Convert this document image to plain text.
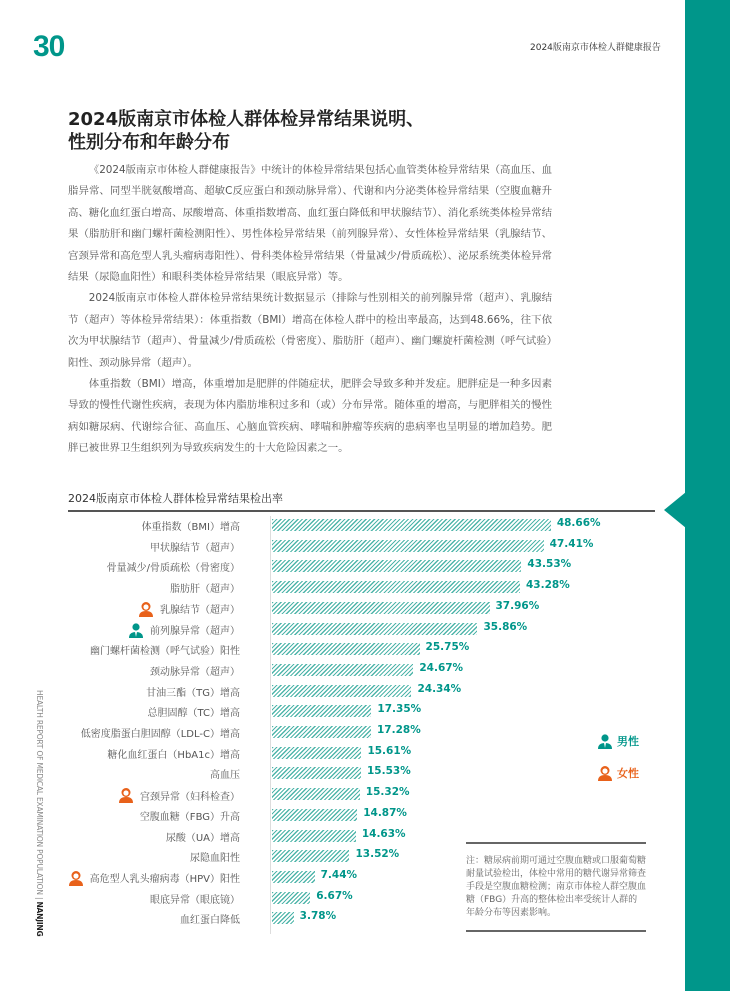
30	2024版南京市体检人群健康报告
2024版南京市体检人群体检异常结果说明、
性别分布和年龄分布

《2024版南京市体检人群健康报告》中统计的体检异常结果包括心血管类体检异常结果（高血压、血脂异常、同型半胱氨酸增高、超敏C反应蛋白和颈动脉异常）、代谢和内分泌类体检异常结果（空腹血糖升高、糖化血红蛋白增高、尿酸增高、体重指数增高、血红蛋白降低和甲状腺结节）、消化系统类体检异常结果（脂肪肝和幽门螺杆菌检测阳性）、男性体检异常结果（前列腺异常）、女性体检异常结果（乳腺结节、宫颈异常和高危型人乳头瘤病毒阳性）、骨科类体检异常结果（骨量减少/骨质疏松）、泌尿系统类体检异常结果（尿隐血阳性）和眼科类体检异常结果（眼底异常）等。

2024版南京市体检人群体检异常结果统计数据显示（排除与性别相关的前列腺异常（超声）、乳腺结节（超声）等体检异常结果）：体重指数（BMI）增高在体检人群中的检出率最高，达到48.66%，往下依次为甲状腺结节（超声）、骨量减少/骨质疏松（骨密度）、脂肪肝（超声）、幽门螺旋杆菌检测（呼气试验）阳性、颈动脉异常（超声）。

体重指数（BMI）增高，体重增加是肥胖的伴随症状，肥胖会导致多种并发症。肥胖症是一种多因素导致的慢性代谢性疾病，表现为体内脂肪堆积过多和（或）分布异常。随体重的增高，与肥胖相关的慢性病如糖尿病、代谢综合征、高血压、心脑血管疾病、哮喘和肿瘤等疾病的患病率也呈明显的增加趋势。肥胖已被世界卫生组织列为导致疾病发生的十大危险因素之一。

2024版南京市体检人群体检异常结果检出率
体重指数（BMI）增高	48.66%
甲状腺结节（超声）	47.41%
骨量减少/骨质疏松（骨密度）	43.53%
脂肪肝（超声）	43.28%
乳腺结节（超声）	37.96%
前列腺异常（超声）	35.86%
幽门螺杆菌检测（呼气试验）阳性	25.75%
颈动脉异常（超声）	24.67%
甘油三酯（TG）增高	24.34%
总胆固醇（TC）增高	17.35%
低密度脂蛋白胆固醇（LDL-C）增高	17.28%
糖化血红蛋白（HbA1c）增高	15.61%
高血压	15.53%
宫颈异常（妇科检查）	15.32%
空腹血糖（FBG）升高	14.87%
尿酸（UA）增高	14.63%
尿隐血阳性	13.52%
高危型人乳头瘤病毒（HPV）阳性	7.44%
眼底异常（眼底镜）	6.67%
血红蛋白降低	3.78%
男性
女性
注：糖尿病前期可通过空腹血糖或口服葡萄糖耐量试验检出，体检中常用的糖代谢异常筛查手段是空腹血糖检测；南京市体检人群空腹血糖（FBG）升高的整体检出率受统计人群的年龄分布等因素影响。
HEALTH REPORT OF MEDICAL EXAMINATION POPULATION | NANJING
